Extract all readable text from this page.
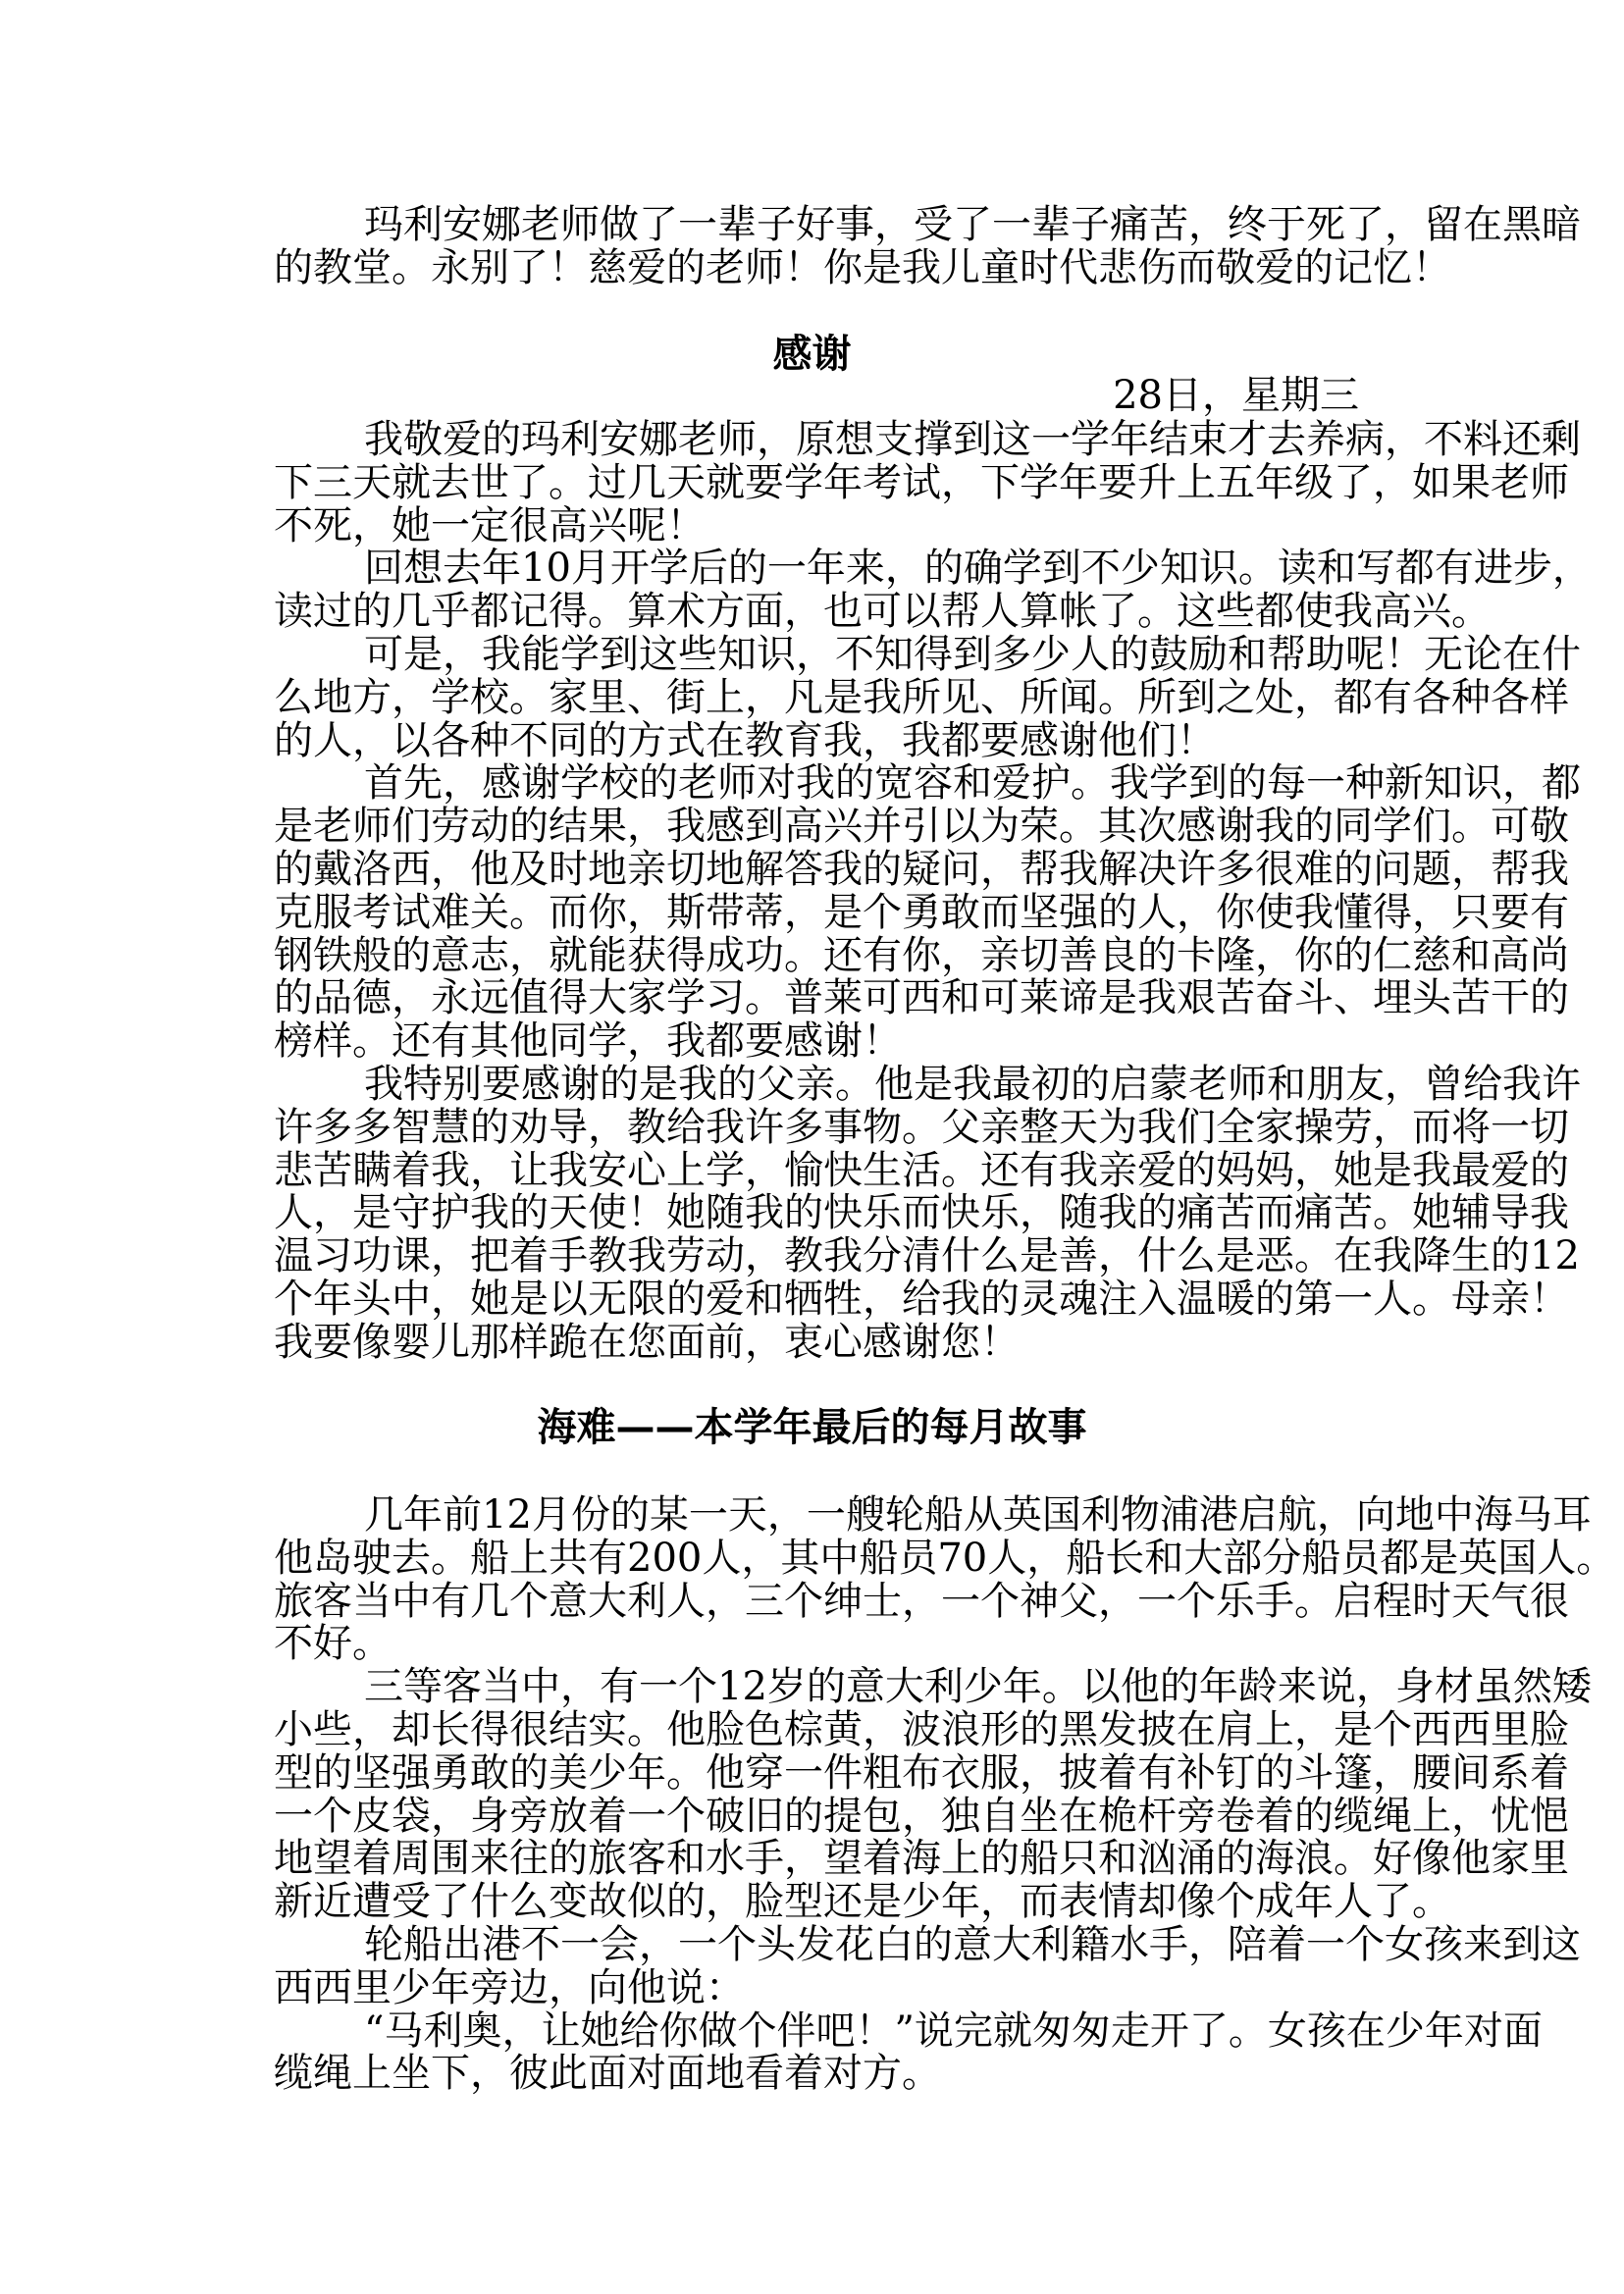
玛利安娜老师做了一辈子好事，受了一辈子痛苦，终于死了，留在黑暗
的教堂。永别了！慈爱的老师！你是我儿童时代悲伤而敬爱的记忆！
感谢
28日，星期三
我敬爱的玛利安娜老师，原想支撑到这一学年结束才去养病，不料还剩
下三天就去世了。过几天就要学年考试，下学年要升上五年级了，如果老师
不死，她一定很高兴呢！
回想去年10月开学后的一年来，的确学到不少知识。读和写都有进步，
读过的几乎都记得。算术方面，也可以帮人算帐了。这些都使我高兴。
可是，我能学到这些知识，不知得到多少人的鼓励和帮助呢！无论在什
么地方，学校。家里、街上，凡是我所见、所闻。所到之处，都有各种各样
的人，以各种不同的方式在教育我，我都要感谢他们！
首先，感谢学校的老师对我的宽容和爱护。我学到的每一种新知识，都
是老师们劳动的结果，我感到高兴并引以为荣。其次感谢我的同学们。可敬
的戴洛西，他及时地亲切地解答我的疑问，帮我解决许多很难的问题，帮我
克服考试难关。而你，斯带蒂，是个勇敢而坚强的人，你使我懂得，只要有
钢铁般的意志，就能获得成功。还有你，亲切善良的卡隆，你的仁慈和高尚
的品德，永远值得大家学习。普莱可西和可莱谛是我艰苦奋斗、埋头苦干的
榜样。还有其他同学，我都要感谢！
我特别要感谢的是我的父亲。他是我最初的启蒙老师和朋友，曾给我许
许多多智慧的劝导，教给我许多事物。父亲整天为我们全家操劳，而将一切
悲苦瞒着我，让我安心上学，愉快生活。还有我亲爱的妈妈，她是我最爱的
人，是守护我的天使！她随我的快乐而快乐，随我的痛苦而痛苦。她辅导我
温习功课，把着手教我劳动，教我分清什么是善，什么是恶。在我降生的12
个年头中，她是以无限的爱和牺牲，给我的灵魂注入温暖的第一人。母亲！
我要像婴儿那样跪在您面前，衷心感谢您！
海难——本学年最后的每月故事
几年前12月份的某一天，一艘轮船从英国利物浦港启航，向地中海马耳
他岛驶去。船上共有200人，其中船员70人，船长和大部分船员都是英国人。
旅客当中有几个意大利人，三个绅士，一个神父，一个乐手。启程时天气很
不好。
三等客当中，有一个12岁的意大利少年。以他的年龄来说，身材虽然矮
小些，却长得很结实。他脸色棕黄，波浪形的黑发披在肩上，是个西西里脸
型的坚强勇敢的美少年。他穿一件粗布衣服，披着有补钉的斗篷，腰间系着
一个皮袋，身旁放着一个破旧的提包，独自坐在桅杆旁卷着的缆绳上，忧悒
地望着周围来往的旅客和水手，望着海上的船只和汹涌的海浪。好像他家里
新近遭受了什么变故似的，脸型还是少年，而表情却像个成年人了。
轮船出港不一会，一个头发花白的意大利籍水手，陪着一个女孩来到这
西西里少年旁边，向他说：
“马利奥，让她给你做个伴吧！”说完就匆匆走开了。女孩在少年对面
缆绳上坐下，彼此面对面地看着对方。
